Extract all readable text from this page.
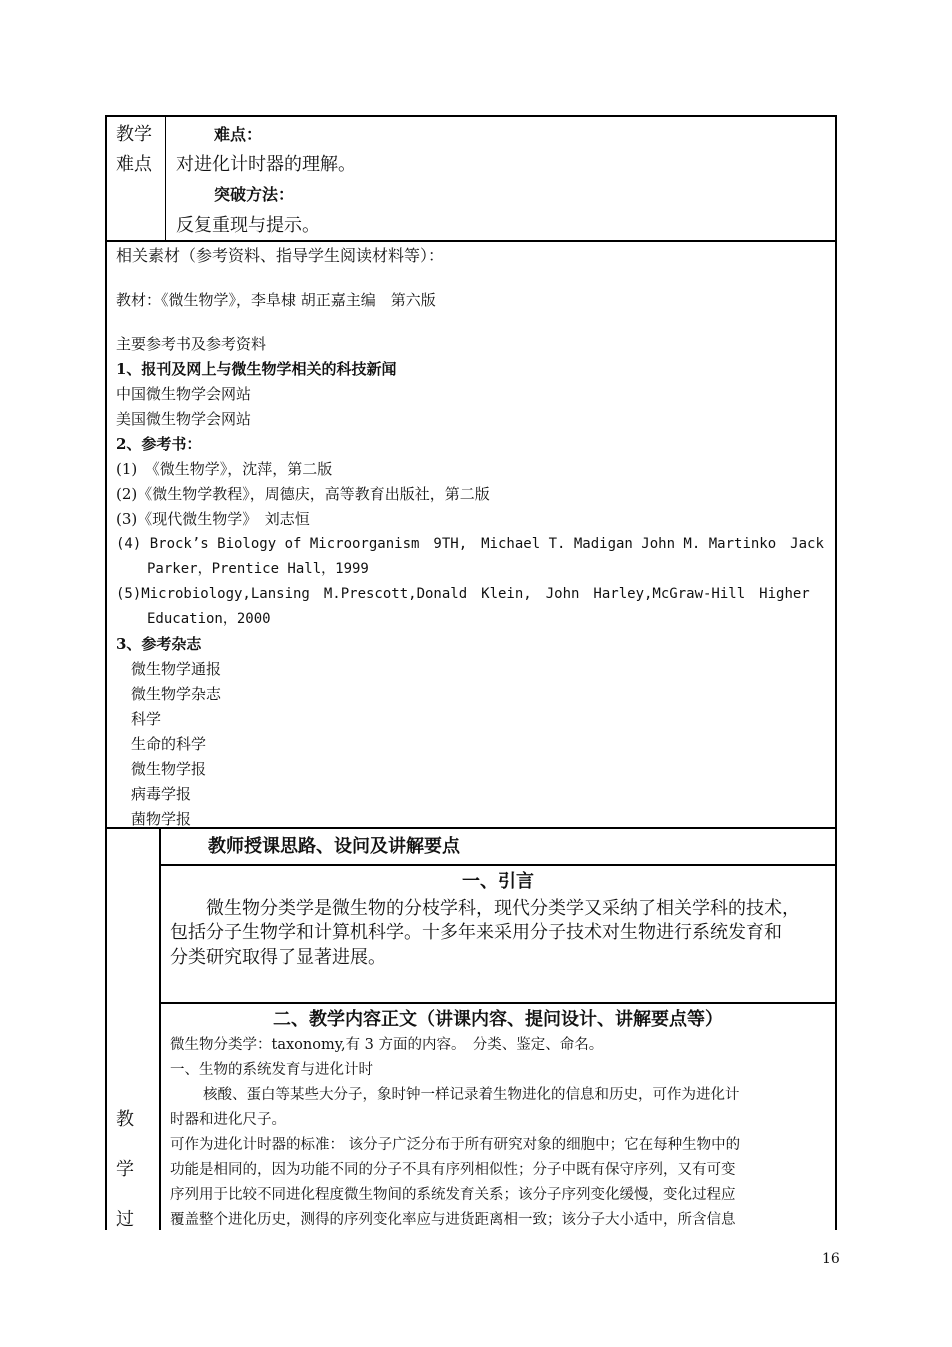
教学
难点
难点：
对进化计时器的理解。
突破方法：
反复重现与提示。
相关素材（参考资料、指导学生阅读材料等）：
教材：《微生物学》，李阜棣 胡正嘉主编　第六版
主要参考书及参考资料
1、报刊及网上与微生物学相关的科技新闻
中国微生物学会网站
美国微生物学会网站
2、参考书：
(1)　《微生物学》，沈萍，第二版
(2)《微生物学教程》，周德庆，高等教育出版社，第二版
(3)《现代微生物学》　刘志恒
(4) Brock’s Biology of Microorganism　9TH,　Michael T. Madigan John M. Martinko　Jack
Parker，Prentice Hall，1999
(5)Microbiology,Lansing　M.Prescott,Donald　Klein,　John　Harley,McGraw-Hill　Higher
Education，2000
3、参考杂志
微生物学通报
微生物学杂志
科学
生命的科学
微生物学报
病毒学报
菌物学报
教
学
过
教师授课思路、设问及讲解要点
一、引言
微生物分类学是微生物的分枝学科，现代分类学又采纳了相关学科的技术，
包括分子生物学和计算机科学。十多年来采用分子技术对生物进行系统发育和
分类研究取得了显著进展。
二、教学内容正文（讲课内容、提问设计、讲解要点等）
微生物分类学：taxonomy,有 3 方面的内容。　分类、鉴定、命名。
一、生物的系统发育与进化计时
核酸、蛋白等某些大分子，象时钟一样记录着生物进化的信息和历史，可作为进化计
时器和进化尺子。
可作为进化计时器的标准： 该分子广泛分布于所有研究对象的细胞中；它在每种生物中的
功能是相同的，因为功能不同的分子不具有序列相似性；分子中既有保守序列，又有可变
序列用于比较不同进化程度微生物间的系统发育关系；该分子序列变化缓慢，变化过程应
覆盖整个进化历史，测得的序列变化率应与进货距离相一致；该分子大小适中，所含信息
16
